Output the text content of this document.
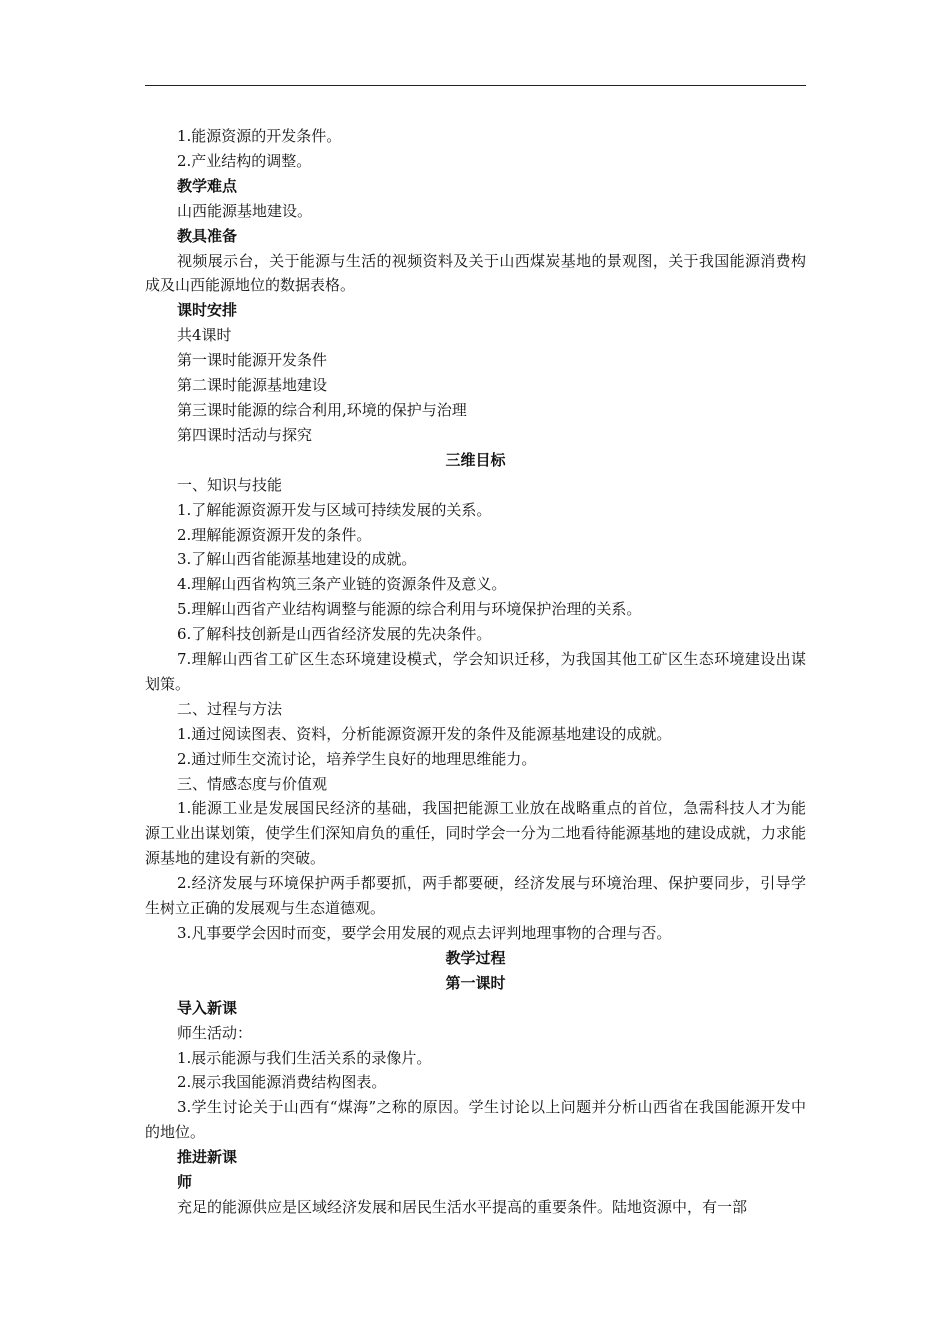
1.能源资源的开发条件。

2.产业结构的调整。

教学难点

山西能源基地建设。

教具准备

视频展示台，关于能源与生活的视频资料及关于山西煤炭基地的景观图，关于我国能源消费构成及山西能源地位的数据表格。

课时安排

共4课时

第一课时能源开发条件

第二课时能源基地建设

第三课时能源的综合利用,环境的保护与治理

第四课时活动与探究

三维目标

一、知识与技能

1.了解能源资源开发与区域可持续发展的关系。

2.理解能源资源开发的条件。

3.了解山西省能源基地建设的成就。

4.理解山西省构筑三条产业链的资源条件及意义。

5.理解山西省产业结构调整与能源的综合利用与环境保护治理的关系。

6.了解科技创新是山西省经济发展的先决条件。

7.理解山西省工矿区生态环境建设模式，学会知识迁移，为我国其他工矿区生态环境建设出谋划策。

二、过程与方法

1.通过阅读图表、资料，分析能源资源开发的条件及能源基地建设的成就。

2.通过师生交流讨论，培养学生良好的地理思维能力。

三、情感态度与价值观

1.能源工业是发展国民经济的基础，我国把能源工业放在战略重点的首位，急需科技人才为能源工业出谋划策，使学生们深知肩负的重任，同时学会一分为二地看待能源基地的建设成就，力求能源基地的建设有新的突破。

2.经济发展与环境保护两手都要抓，两手都要硬，经济发展与环境治理、保护要同步，引导学生树立正确的发展观与生态道德观。

3.凡事要学会因时而变，要学会用发展的观点去评判地理事物的合理与否。

教学过程

第一课时

导入新课

师生活动：

1.展示能源与我们生活关系的录像片。

2.展示我国能源消费结构图表。

3.学生讨论关于山西有“煤海”之称的原因。学生讨论以上问题并分析山西省在我国能源开发中的地位。

推进新课

师

充足的能源供应是区域经济发展和居民生活水平提高的重要条件。陆地资源中，有一部
